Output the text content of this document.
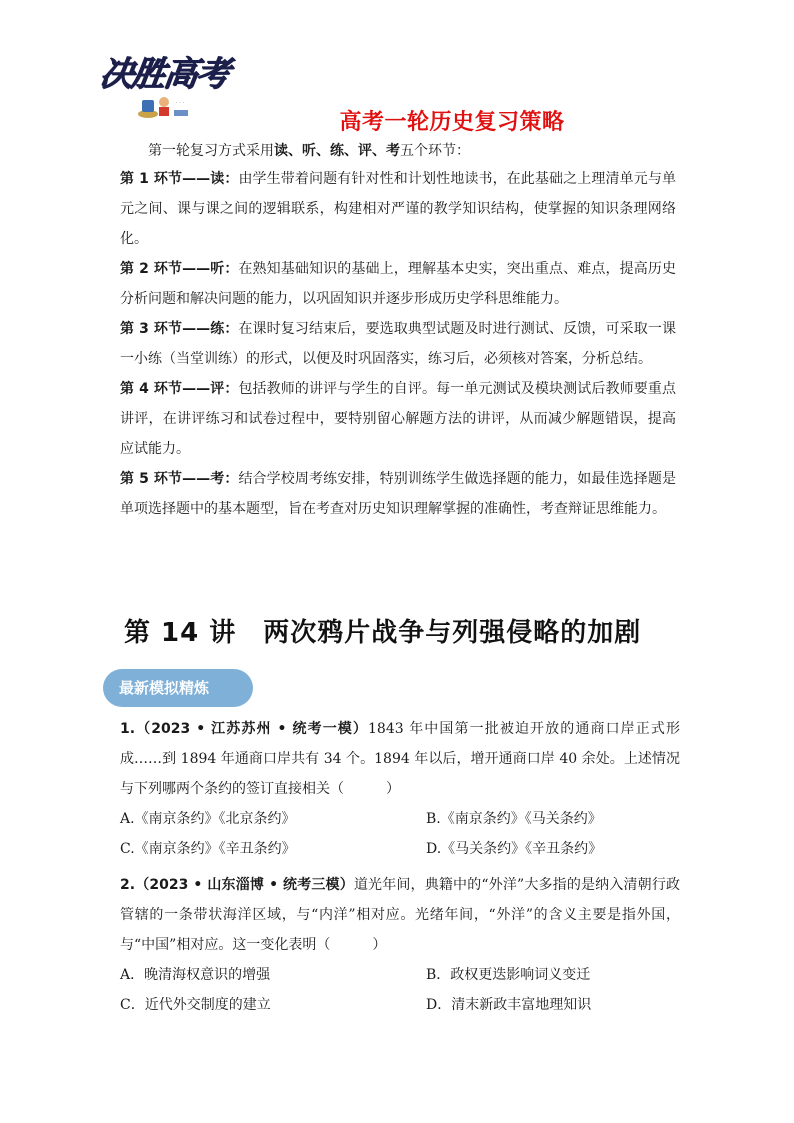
决胜高考
· · ·
高考一轮历史复习策略
第一轮复习方式采用读、听、练、评、考五个环节：

第 1 环节——读：由学生带着问题有针对性和计划性地读书，在此基础之上理清单元与单元之间、课与课之间的逻辑联系，构建相对严谨的教学知识结构，使掌握的知识条理网络化。

第 2 环节——听：在熟知基础知识的基础上，理解基本史实，突出重点、难点，提高历史分析问题和解决问题的能力，以巩固知识并逐步形成历史学科思维能力。

第 3 环节——练：在课时复习结束后，要选取典型试题及时进行测试、反馈，可采取一课一小练（当堂训练）的形式，以便及时巩固落实，练习后，必须核对答案，分析总结。

第 4 环节——评：包括教师的讲评与学生的自评。每一单元测试及模块测试后教师要重点讲评，在讲评练习和试卷过程中，要特别留心解题方法的讲评，从而减少解题错误，提高应试能力。

第 5 环节——考：结合学校周考练安排，特别训练学生做选择题的能力，如最佳选择题是单项选择题中的基本题型，旨在考查对历史知识理解掌握的准确性，考查辩证思维能力。

第 14 讲　两次鸦片战争与列强侵略的加剧
最新模拟精炼

1.（2023 • 江苏苏州 • 统考一模）1843 年中国第一批被迫开放的通商口岸正式形成……到 1894 年通商口岸共有 34 个。1894 年以后，增开通商口岸 40 余处。上述情况与下列哪两个条约的签订直接相关（　　　）

A.《南京条约》《北京条约》	B.《南京条约》《马关条约》
C.《南京条约》《辛丑条约》	D.《马关条约》《辛丑条约》

2.（2023 • 山东淄博 • 统考三模）道光年间，典籍中的“外洋”大多指的是纳入清朝行政管辖的一条带状海洋区域，与“内洋”相对应。光绪年间，“外洋”的含义主要是指外国，与“中国”相对应。这一变化表明（　　　）

A．晚清海权意识的增强	B．政权更迭影响词义变迁
C．近代外交制度的建立	D．清末新政丰富地理知识
